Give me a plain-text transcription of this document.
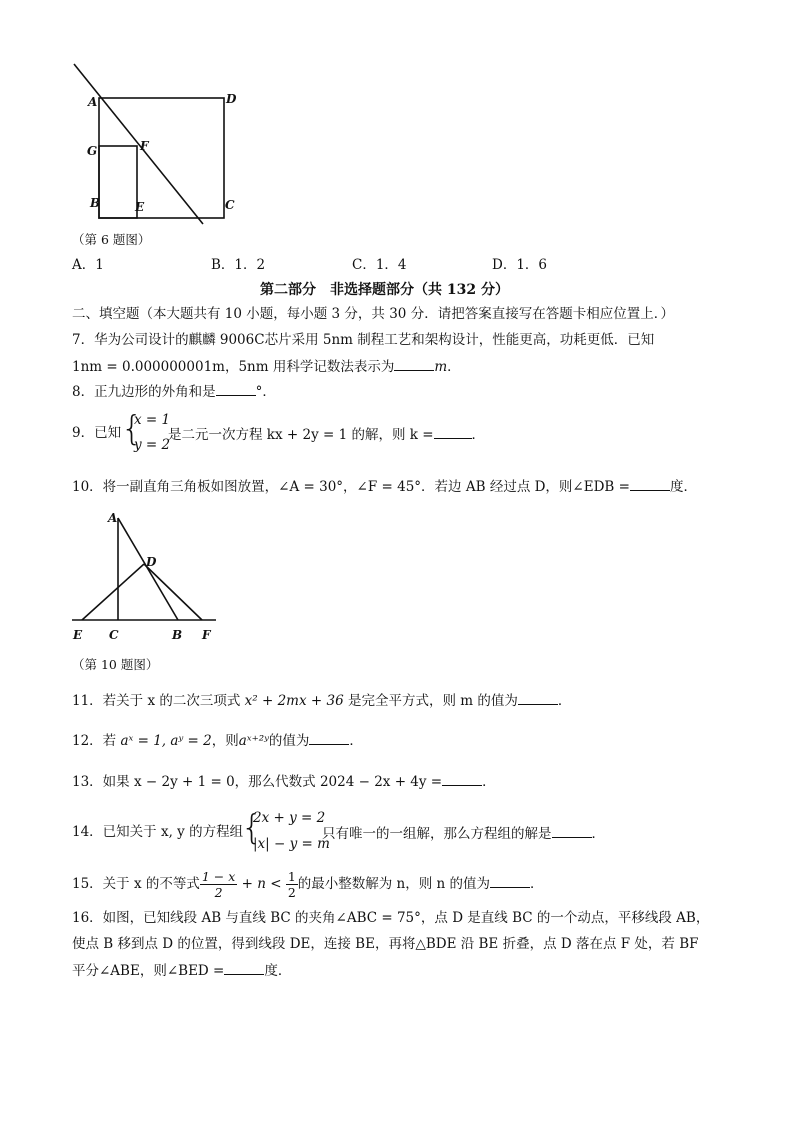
A	D
G	F
B	E	C
（第 6 题图）
A．1	B．1．2	C．1．4	D．1．6
第二部分　非选择题部分（共 132 分）
二、填空题（本大题共有 10 小题，每小题 3 分，共 30 分．请把答案直接写在答题卡相应位置上．）
7．华为公司设计的麒麟 9006C芯片采用 5nm 制程工艺和架构设计，性能更高，功耗更低．已知
1nm = 0.000000001m，5nm 用科学记数法表示为	m．
8．正九边形的外角和是	°．
9．已知 {
x = 1
y = 2
是二元一次方程 kx + 2y = 1 的解，则 k =	．
10．将一副直角三角板如图放置，∠A = 30°，∠F = 45°．若边 AB 经过点 D，则∠EDB =	度．
A
D
E C	B F
（第 10 题图）
11．若关于 x 的二次三项式 x² + 2mx + 36 是完全平方式，则 m 的值为	．
12．若 aˣ = 1, aʸ = 2，则aˣ⁺²ʸ的值为	．
13．如果 x − 2y + 1 = 0，那么代数式 2024 − 2x + 4y =	．
14．已知关于 x, y 的方程组
{
2x + y = 2
|x| − y = m
只有唯一的一组解，那么方程组的解是	．
15．关于 x 的不等式 $\frac{1 - x}{2} + n < \frac{1}{2}$ 的最小整数解为 n，则 n 的值为	．
16．如图，已知线段 AB 与直线 BC 的夹角∠ABC = 75°，点 D 是直线 BC 的一个动点，平移线段 AB，
使点 B 移到点 D 的位置，得到线段 DE，连接 BE，再将△BDE 沿 BE 折叠，点 D 落在点 F 处，若 BF
平分∠ABE，则∠BED =	度．
